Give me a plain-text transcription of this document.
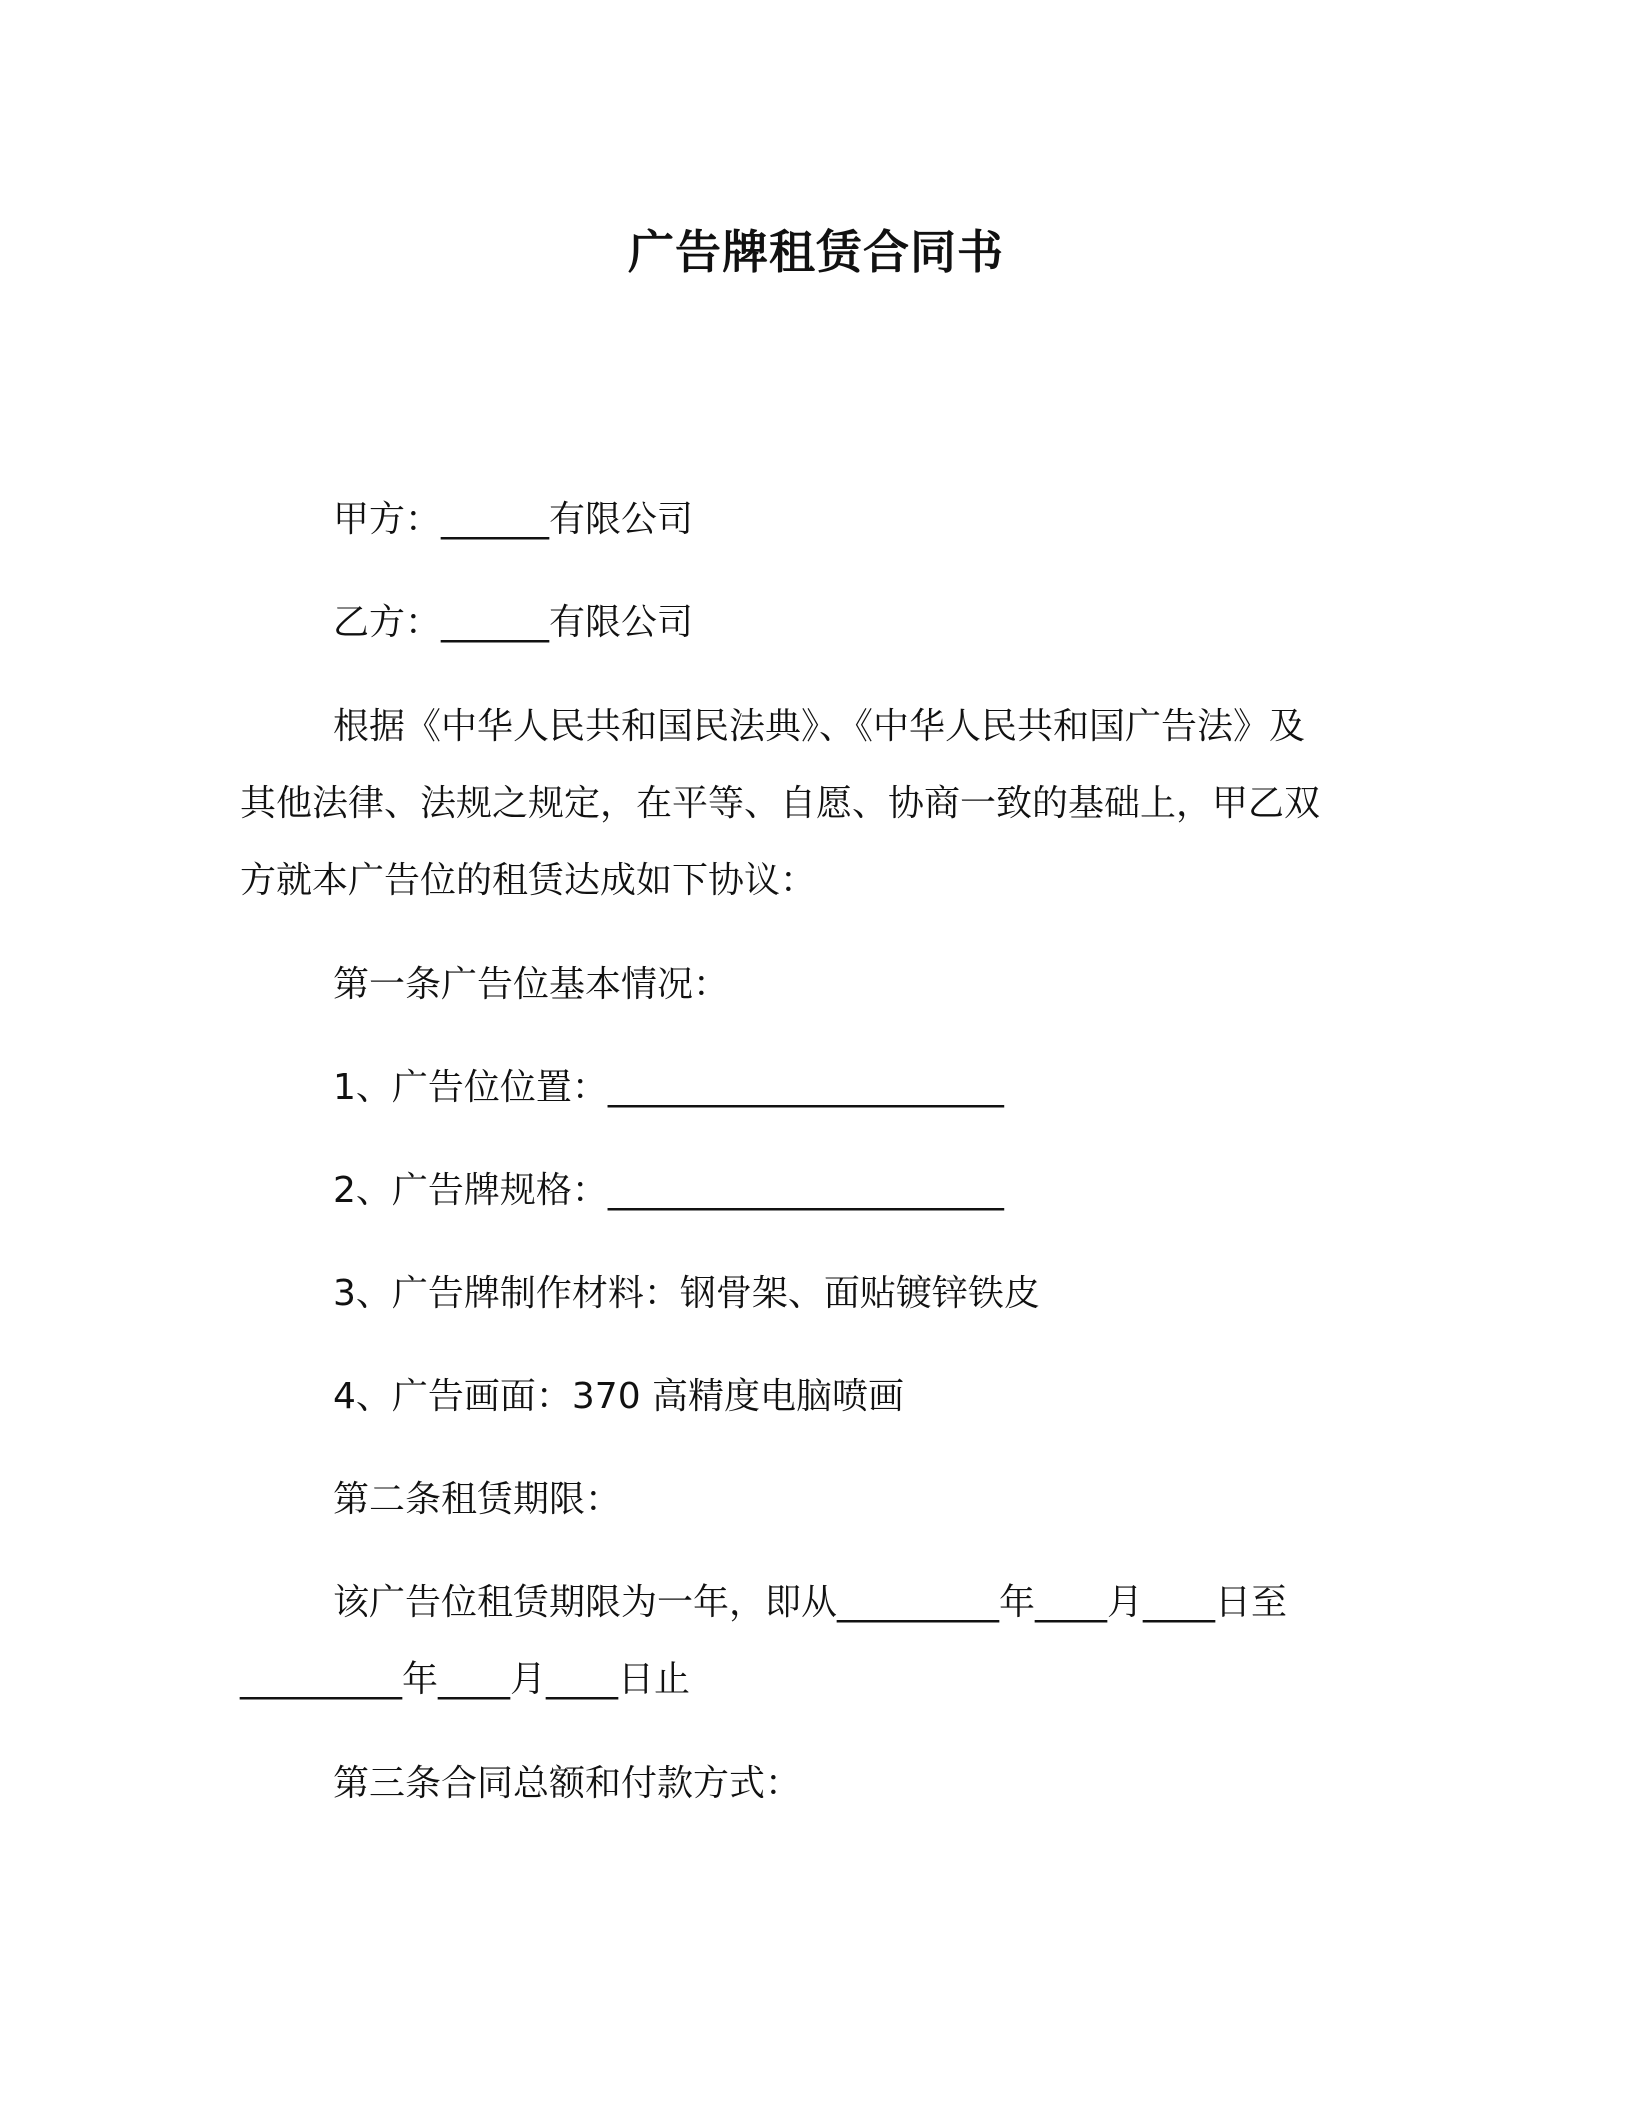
广告牌租赁合同书
甲方：______有限公司
乙方：______有限公司
根据《中华人民共和国民法典》、《中华人民共和国广告法》及
其他法律、法规之规定，在平等、自愿、协商一致的基础上，甲乙双
方就本广告位的租赁达成如下协议：
第一条广告位基本情况：
1、广告位位置：______________________
2、广告牌规格：______________________
3、广告牌制作材料：钢骨架、面贴镀锌铁皮
4、广告画面：370 高精度电脑喷画
第二条租赁期限：
该广告位租赁期限为一年，即从_________年____月____日至
_________年____月____日止
第三条合同总额和付款方式：
